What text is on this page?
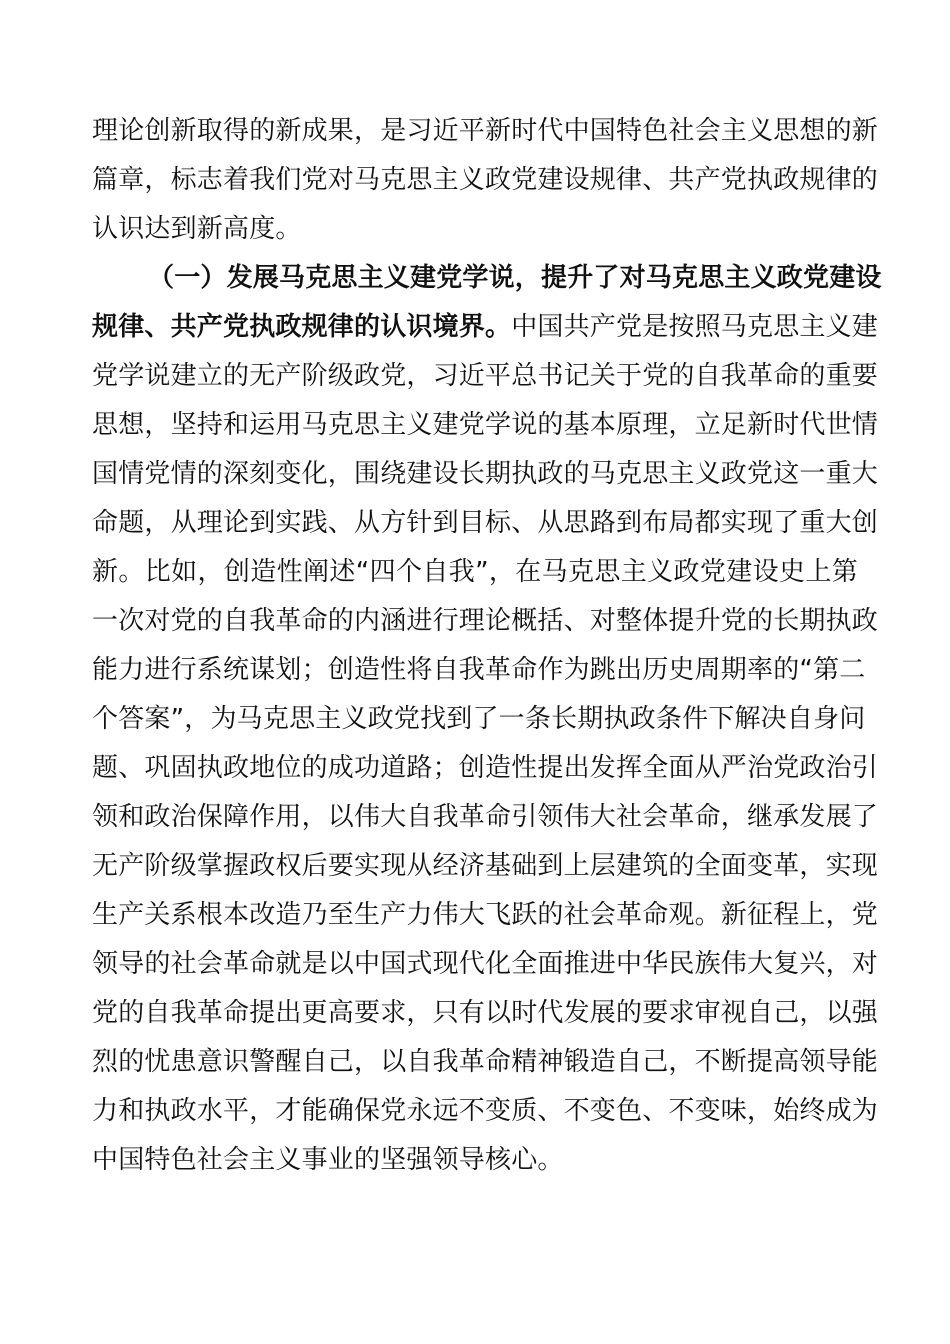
理论创新取得的新成果，是习近平新时代中国特色社会主义思想的新
篇章，标志着我们党对马克思主义政党建设规律、共产党执政规律的
认识达到新高度。
（一）发展马克思主义建党学说，提升了对马克思主义政党建设
规律、共产党执政规律的认识境界。中国共产党是按照马克思主义建
党学说建立的无产阶级政党，习近平总书记关于党的自我革命的重要
思想，坚持和运用马克思主义建党学说的基本原理，立足新时代世情
国情党情的深刻变化，围绕建设长期执政的马克思主义政党这一重大
命题，从理论到实践、从方针到目标、从思路到布局都实现了重大创
新。比如，创造性阐述“四个自我”，在马克思主义政党建设史上第
一次对党的自我革命的内涵进行理论概括、对整体提升党的长期执政
能力进行系统谋划；创造性将自我革命作为跳出历史周期率的“第二
个答案”，为马克思主义政党找到了一条长期执政条件下解决自身问
题、巩固执政地位的成功道路；创造性提出发挥全面从严治党政治引
领和政治保障作用，以伟大自我革命引领伟大社会革命，继承发展了
无产阶级掌握政权后要实现从经济基础到上层建筑的全面变革，实现
生产关系根本改造乃至生产力伟大飞跃的社会革命观。新征程上，党
领导的社会革命就是以中国式现代化全面推进中华民族伟大复兴，对
党的自我革命提出更高要求，只有以时代发展的要求审视自己，以强
烈的忧患意识警醒自己，以自我革命精神锻造自己，不断提高领导能
力和执政水平，才能确保党永远不变质、不变色、不变味，始终成为
中国特色社会主义事业的坚强领导核心。
